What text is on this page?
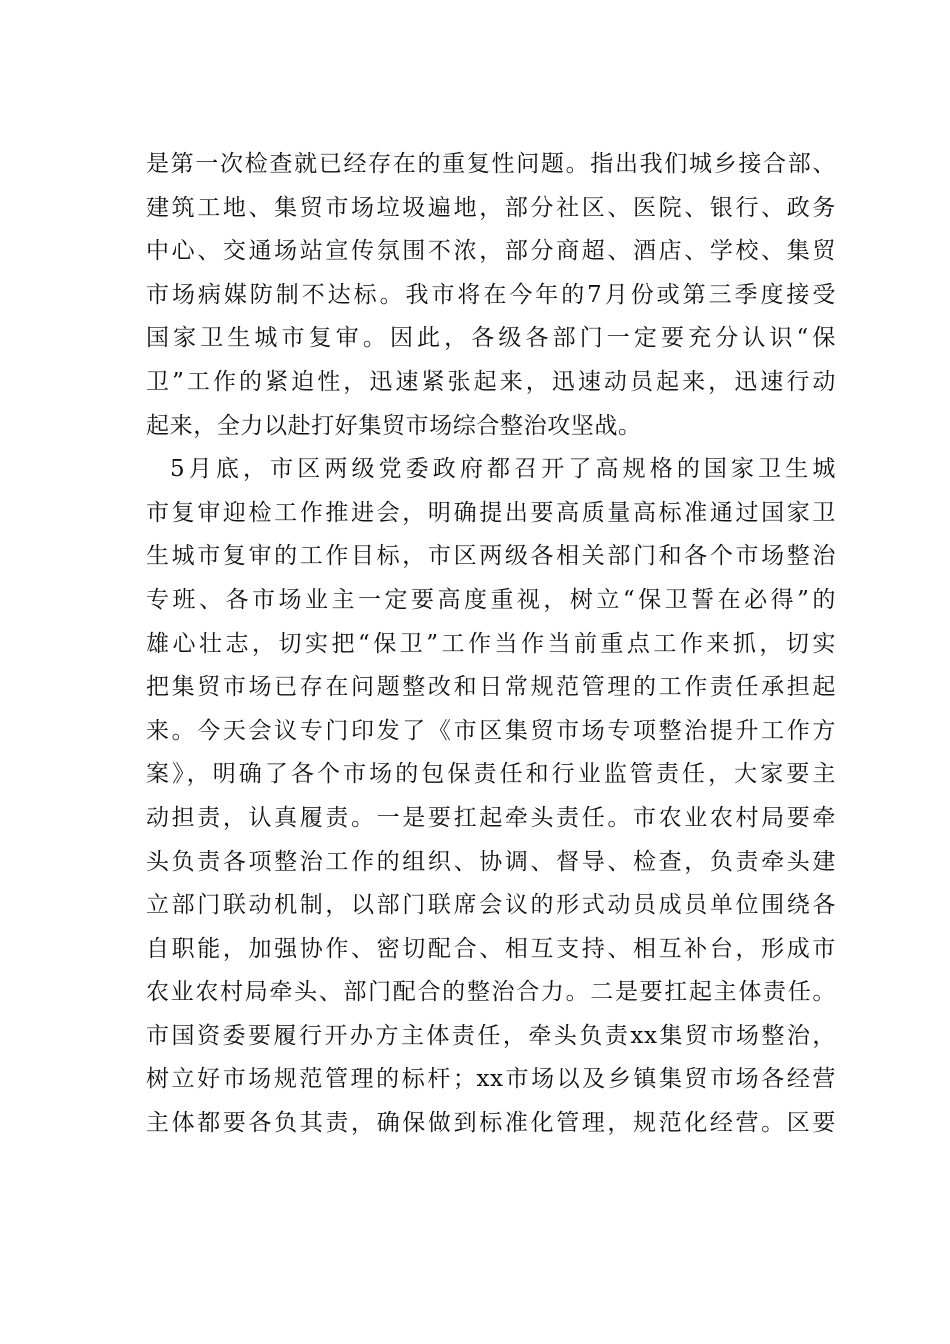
是第一次检查就已经存在的重复性问题。指出我们城乡接合部、
建筑工地、集贸市场垃圾遍地，部分社区、医院、银行、政务
中心、交通场站宣传氛围不浓，部分商超、酒店、学校、集贸
市场病媒防制不达标。我市将在今年的7月份或第三季度接受
国家卫生城市复审。因此，各级各部门一定要充分认识“保
卫”工作的紧迫性，迅速紧张起来，迅速动员起来，迅速行动
起来，全力以赴打好集贸市场综合整治攻坚战。
5月底，市区两级党委政府都召开了高规格的国家卫生城
市复审迎检工作推进会，明确提出要高质量高标准通过国家卫
生城市复审的工作目标，市区两级各相关部门和各个市场整治
专班、各市场业主一定要高度重视，树立“保卫誓在必得”的
雄心壮志，切实把“保卫”工作当作当前重点工作来抓，切实
把集贸市场已存在问题整改和日常规范管理的工作责任承担起
来。今天会议专门印发了《市区集贸市场专项整治提升工作方
案》，明确了各个市场的包保责任和行业监管责任，大家要主
动担责，认真履责。一是要扛起牵头责任。市农业农村局要牵
头负责各项整治工作的组织、协调、督导、检查，负责牵头建
立部门联动机制，以部门联席会议的形式动员成员单位围绕各
自职能，加强协作、密切配合、相互支持、相互补台，形成市
农业农村局牵头、部门配合的整治合力。二是要扛起主体责任。
市国资委要履行开办方主体责任，牵头负责xx集贸市场整治，
树立好市场规范管理的标杆；xx市场以及乡镇集贸市场各经营
主体都要各负其责，确保做到标准化管理，规范化经营。区要
